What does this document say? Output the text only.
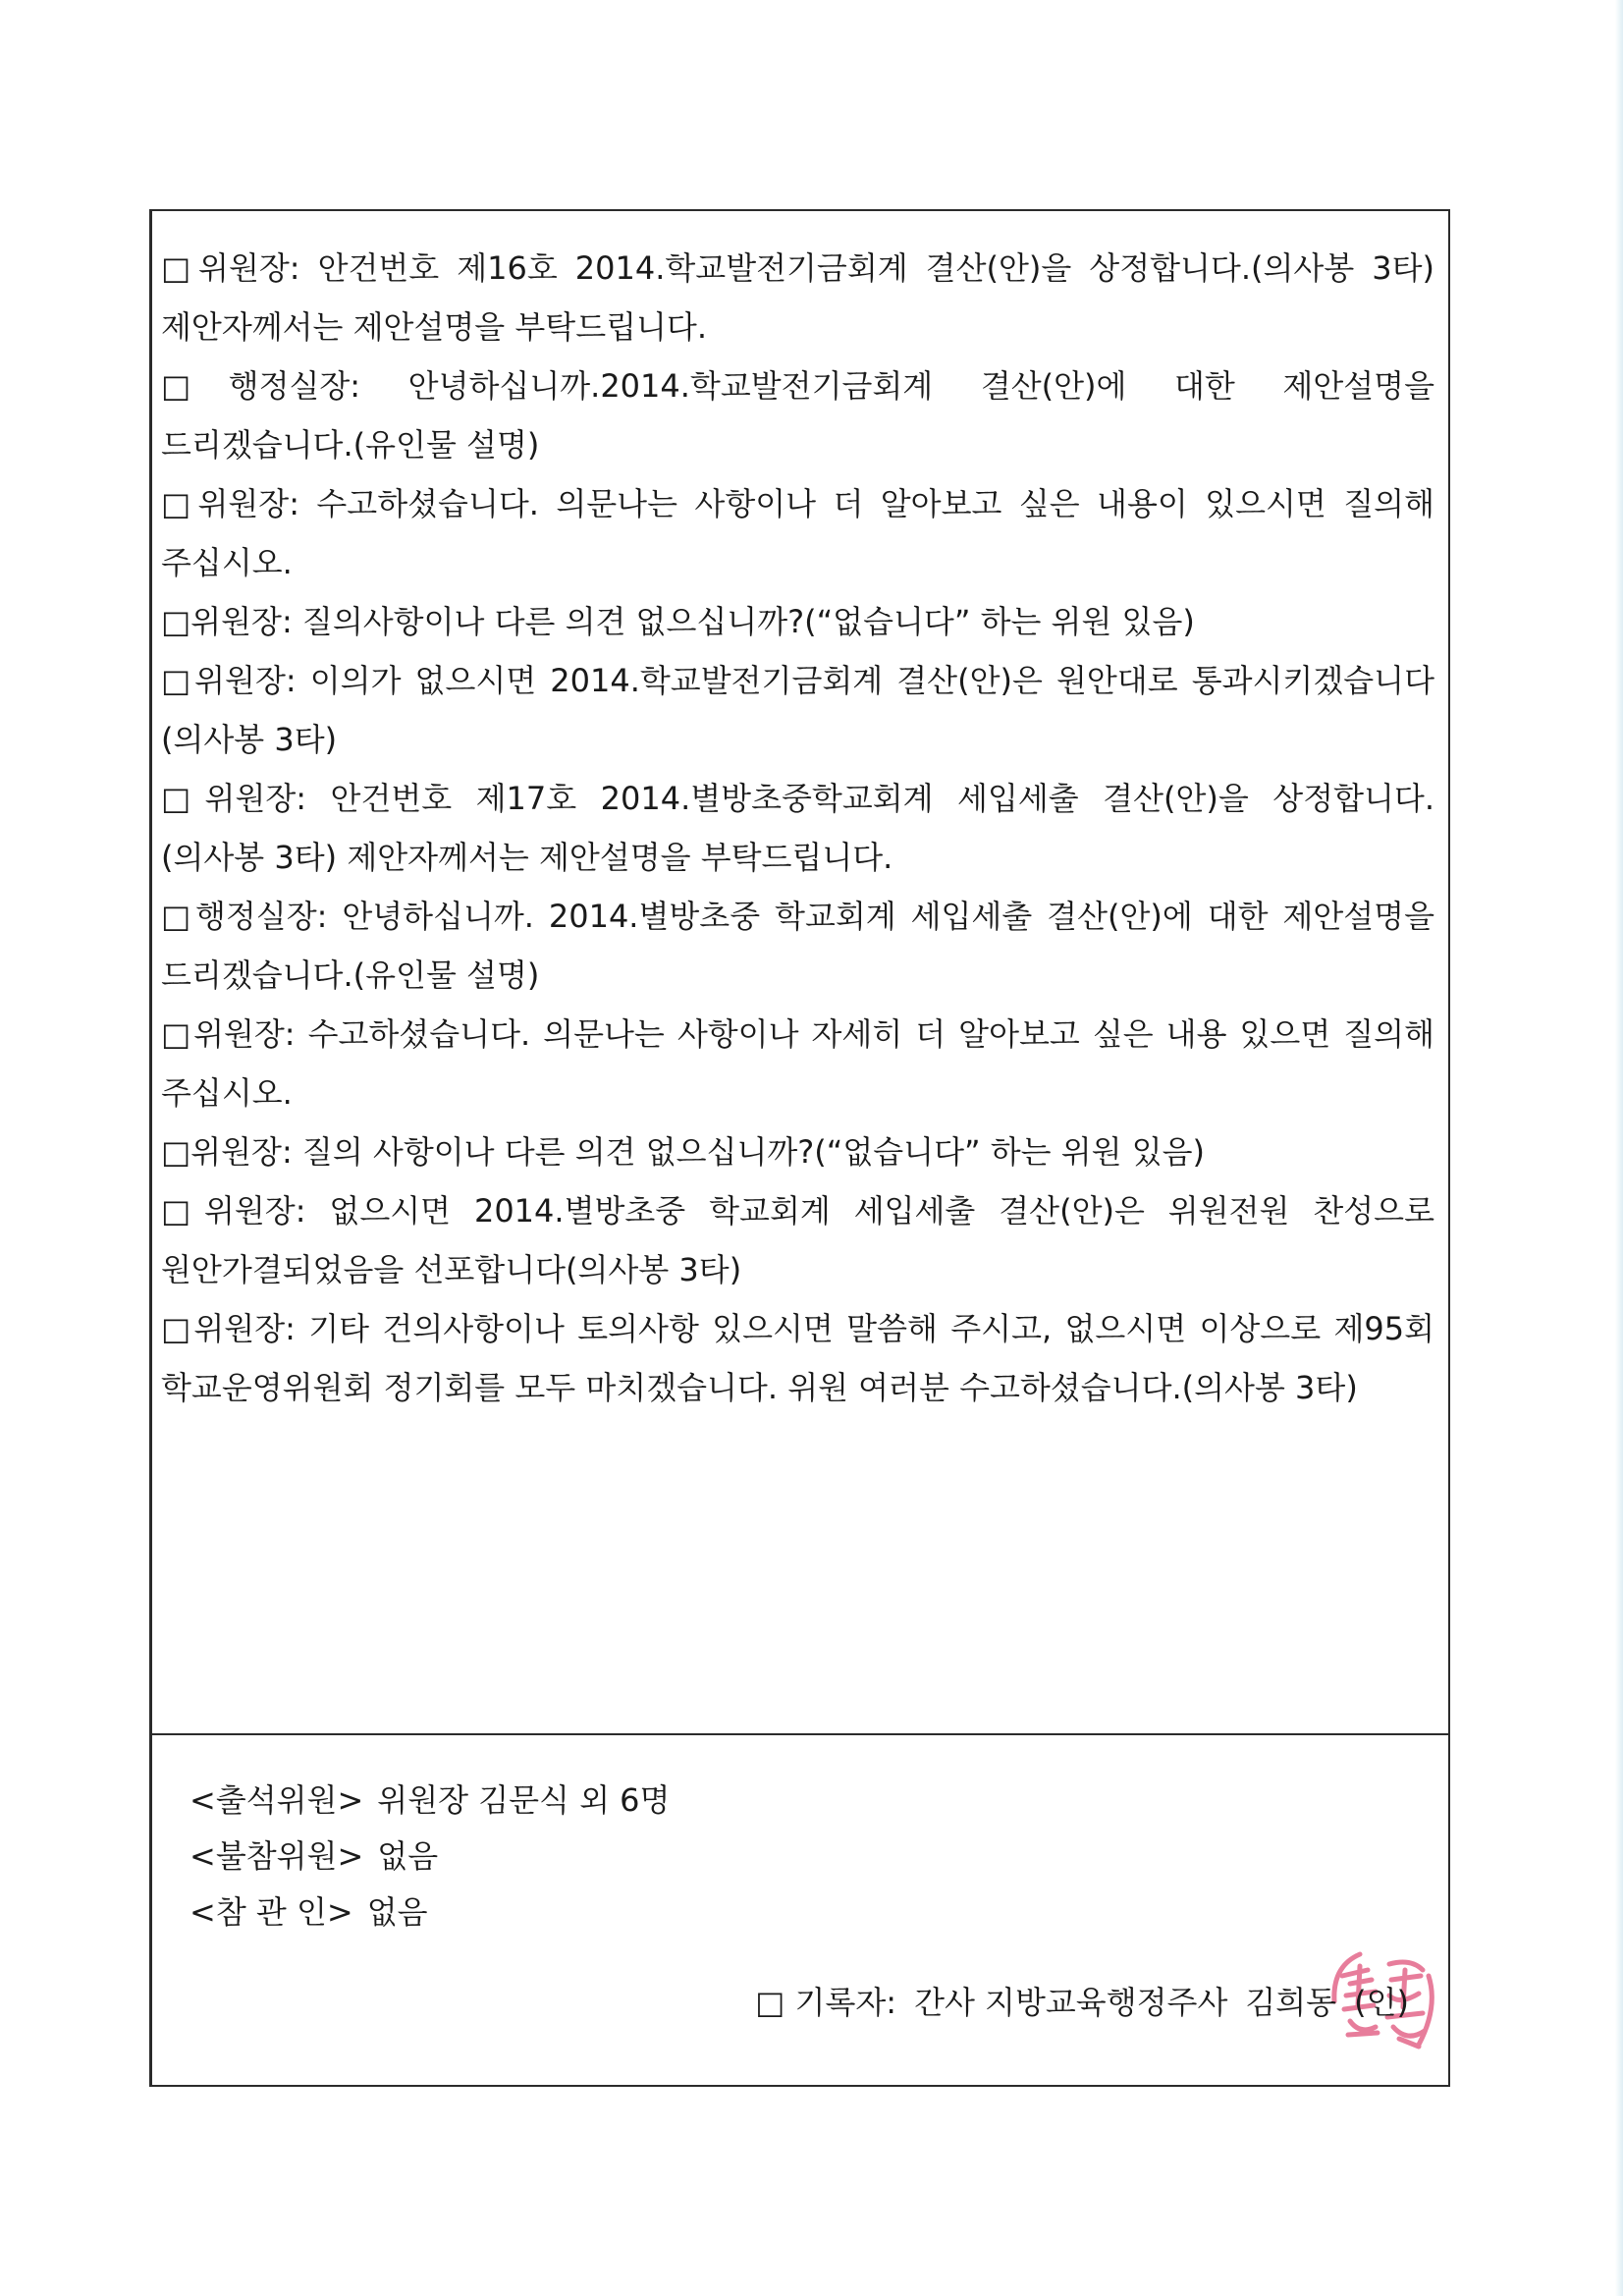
□위원장: 안건번호 제16호 2014.학교발전기금회계 결산(안)을 상정합니다.(의사봉 3타) 제안자께서는 제안설명을 부탁드립니다.

□행정실장: 안녕하십니까.2014.학교발전기금회계 결산(안)에 대한 제안설명을 드리겠습니다.(유인물 설명)

□위원장: 수고하셨습니다. 의문나는 사항이나 더 알아보고 싶은 내용이 있으시면 질의해 주십시오.

□위원장: 질의사항이나 다른 의견 없으십니까?(“없습니다” 하는 위원 있음)

□위원장: 이의가 없으시면 2014.학교발전기금회계 결산(안)은 원안대로 통과시키겠습니다(의사봉 3타)

□위원장: 안건번호 제17호 2014.별방초중학교회계 세입세출 결산(안)을 상정합니다.(의사봉 3타) 제안자께서는 제안설명을 부탁드립니다.

□행정실장: 안녕하십니까. 2014.별방초중 학교회계 세입세출 결산(안)에 대한 제안설명을 드리겠습니다.(유인물 설명)

□위원장: 수고하셨습니다. 의문나는 사항이나 자세히 더 알아보고 싶은 내용 있으면 질의해 주십시오.

□위원장: 질의 사항이나 다른 의견 없으십니까?(“없습니다” 하는 위원 있음)

□위원장: 없으시면 2014.별방초중 학교회계 세입세출 결산(안)은 위원전원 찬성으로 원안가결되었음을 선포합니다(의사봉 3타)

□위원장: 기타 건의사항이나 토의사항 있으시면 말씀해 주시고, 없으시면 이상으로 제95회 학교운영위원회 정기회를 모두 마치겠습니다. 위원 여러분 수고하셨습니다.(의사봉 3타)

<출석위원> 위원장 김문식 외 6명
<불참위원> 없음
<참 관 인> 없음
□ 기록자: 간사 지방교육행정주사 김희동 (인)
